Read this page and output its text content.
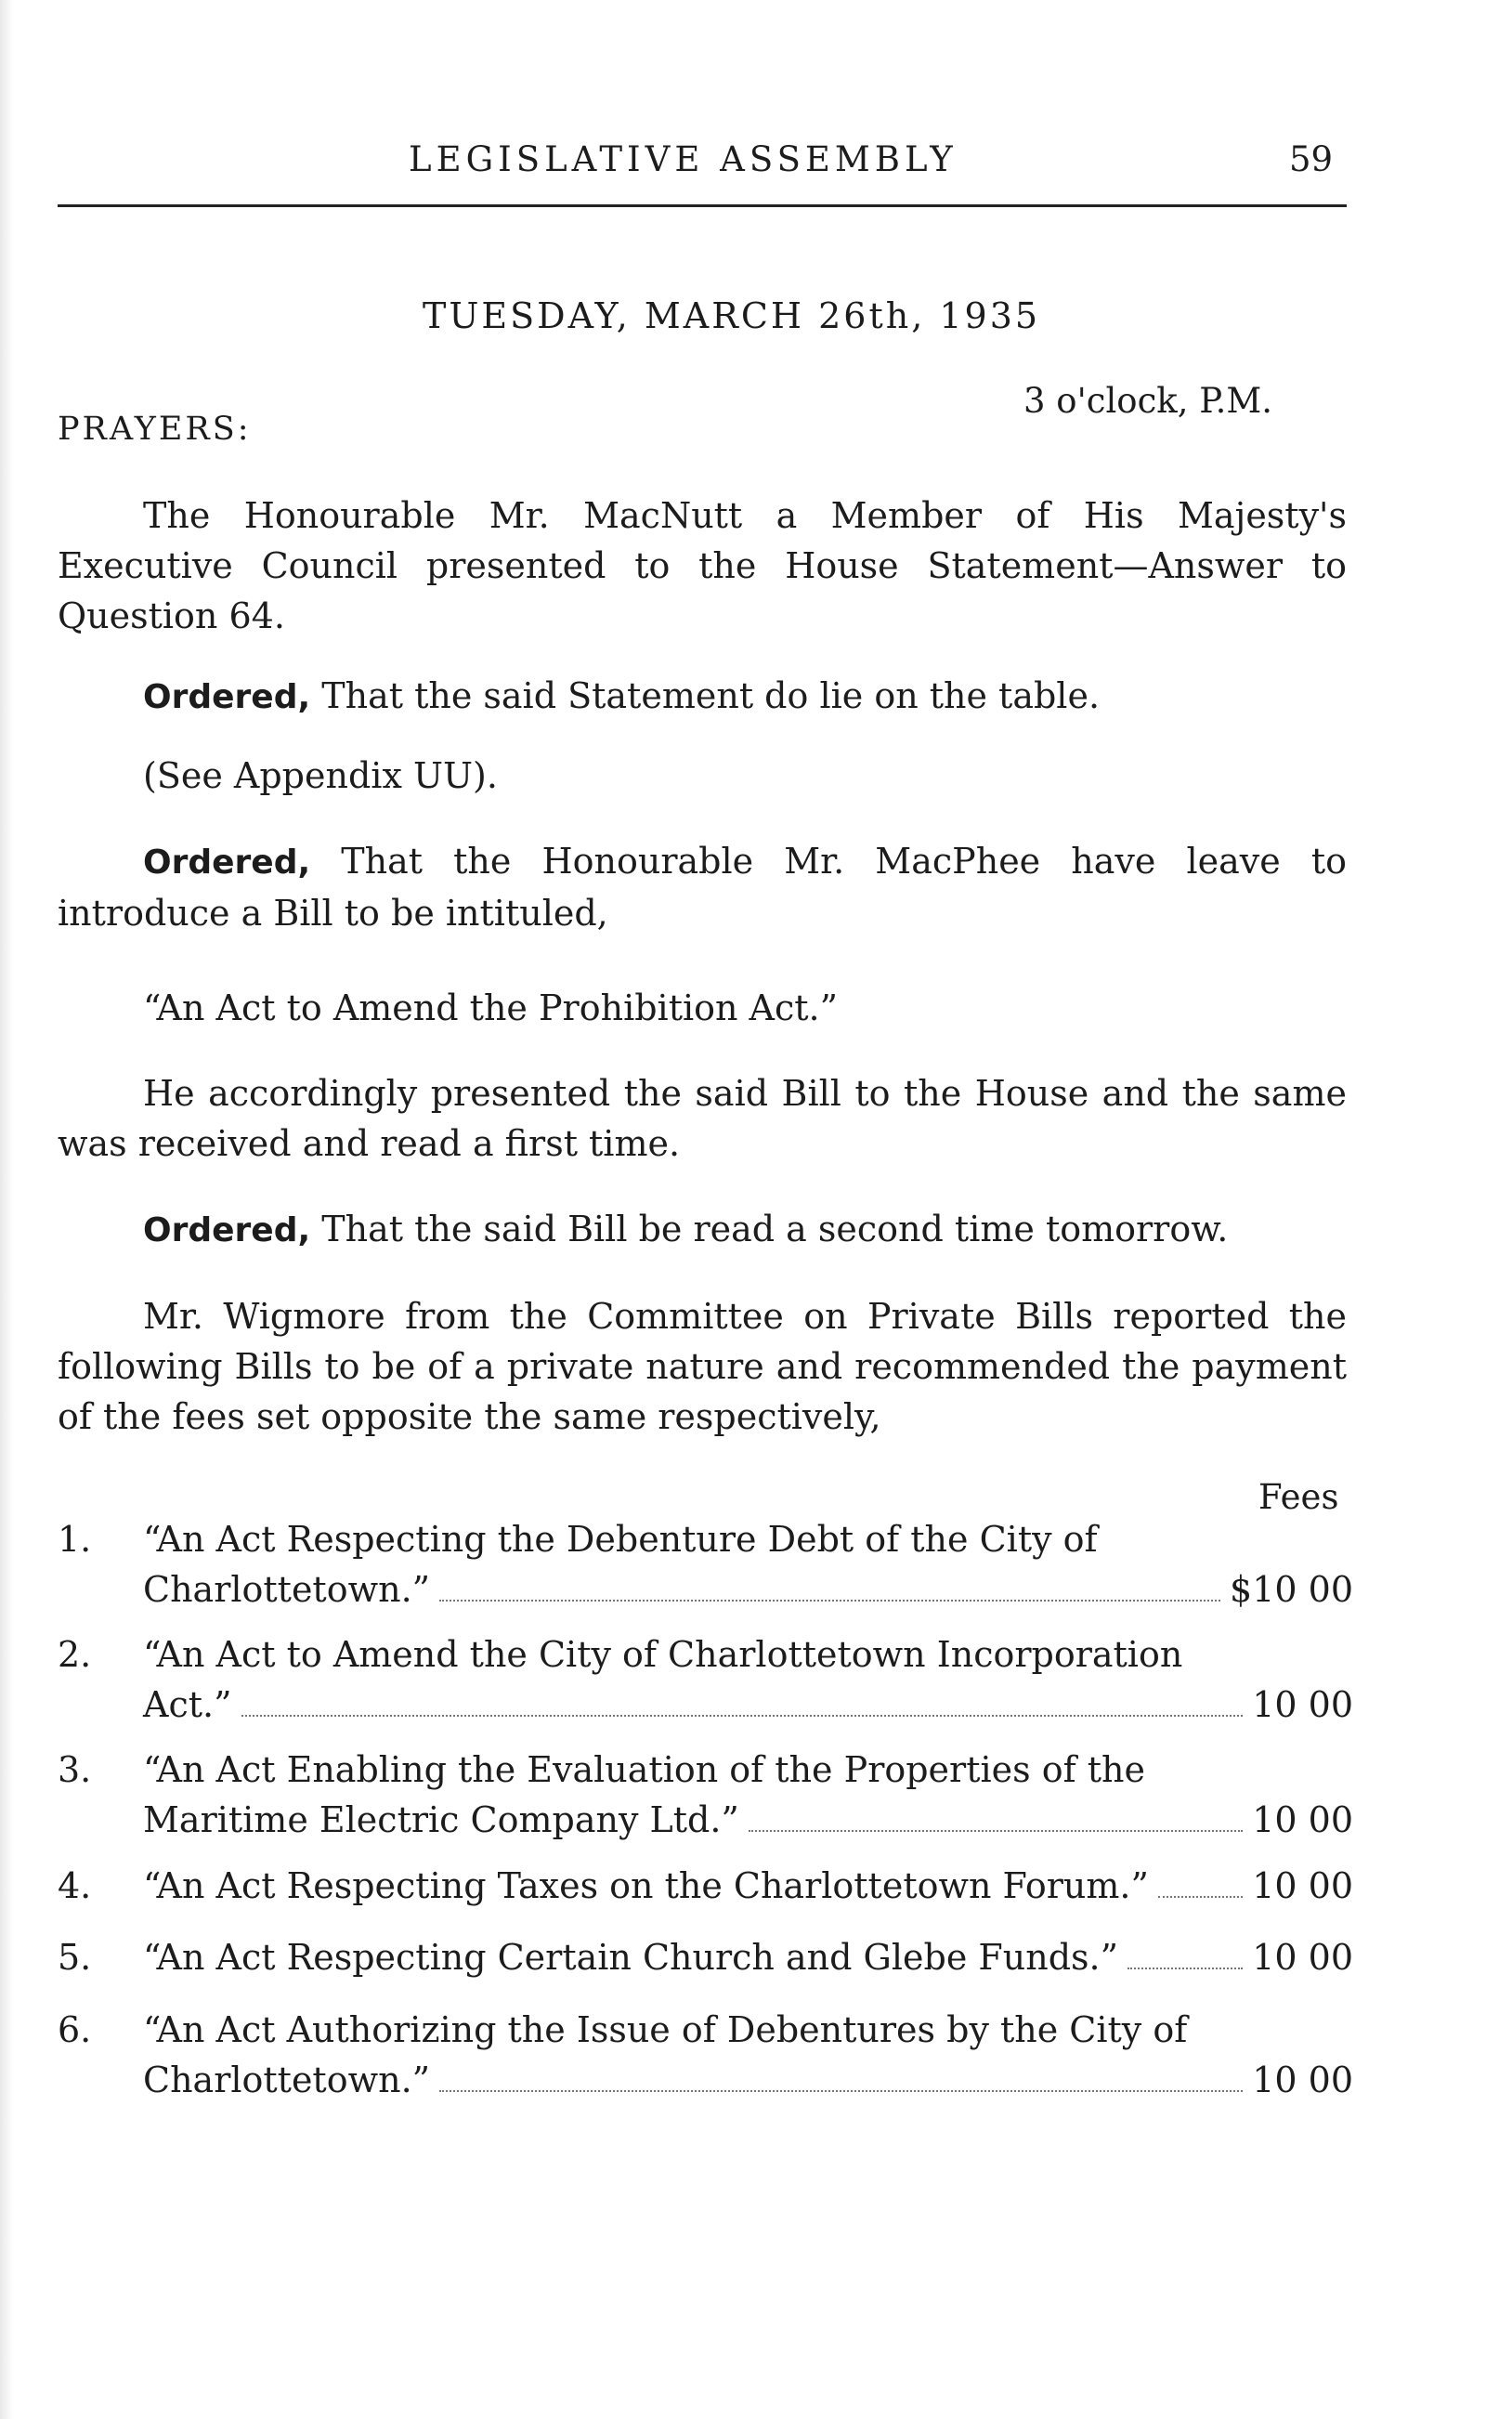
LEGISLATIVE ASSEMBLY	59
TUESDAY, MARCH 26th, 1935
3 o'clock, P.M.
PRAYERS:
The Honourable Mr. MacNutt a Member of His Majesty's Executive Council presented to the House Statement—Answer to Question 64.
Ordered, That the said Statement do lie on the table.
(See Appendix UU).
Ordered, That the Honourable Mr. MacPhee have leave to introduce a Bill to be intituled,
“An Act to Amend the Prohibition Act.”
He accordingly presented the said Bill to the House and the same was received and read a first time.
Ordered, That the said Bill be read a second time tomorrow.
Mr. Wigmore from the Committee on Private Bills reported the following Bills to be of a private nature and recommended the payment of the fees set opposite the same respectively,
Fees
1. “An Act Respecting the Debenture Debt of the City of
Charlottetown.”	$10 00
2. “An Act to Amend the City of Charlottetown Incorporation
Act.”	10 00
3. “An Act Enabling the Evaluation of the Properties of the
Maritime Electric Company Ltd.”	10 00
4. “An Act Respecting Taxes on the Charlottetown Forum.”	10 00
5. “An Act Respecting Certain Church and Glebe Funds.”	10 00
6. “An Act Authorizing the Issue of Debentures by the City of
Charlottetown.”	10 00
